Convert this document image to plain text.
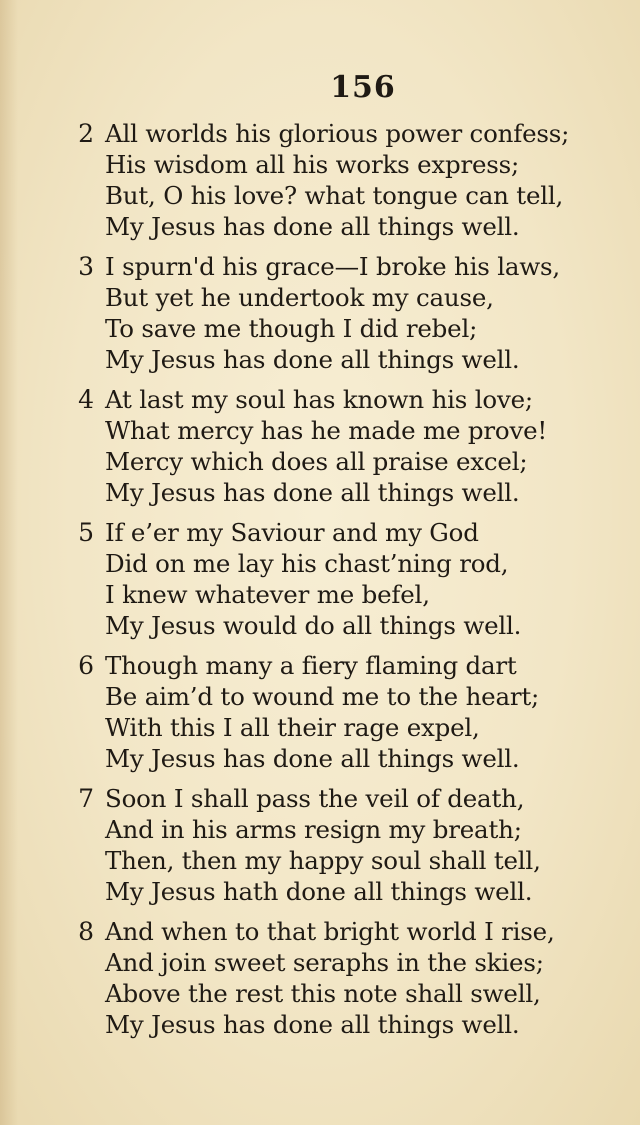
156
2 All worlds his glorious power confess;
His wisdom all his works express;
But, O his love? what tongue can tell,
My Jesus has done all things well.
3 I spurn'd his grace—I broke his laws,
But yet he undertook my cause,
To save me though I did rebel;
My Jesus has done all things well.
4 At last my soul has known his love;
What mercy has he made me prove!
Mercy which does all praise excel;
My Jesus has done all things well.
5 If e’er my Saviour and my God
Did on me lay his chast’ning rod,
I knew whatever me befel,
My Jesus would do all things well.
6 Though many a fiery flaming dart
Be aim’d to wound me to the heart;
With this I all their rage expel,
My Jesus has done all things well.
7 Soon I shall pass the veil of death,
And in his arms resign my breath;
Then, then my happy soul shall tell,
My Jesus hath done all things well.
8 And when to that bright world I rise,
And join sweet seraphs in the skies;
Above the rest this note shall swell,
My Jesus has done all things well.
